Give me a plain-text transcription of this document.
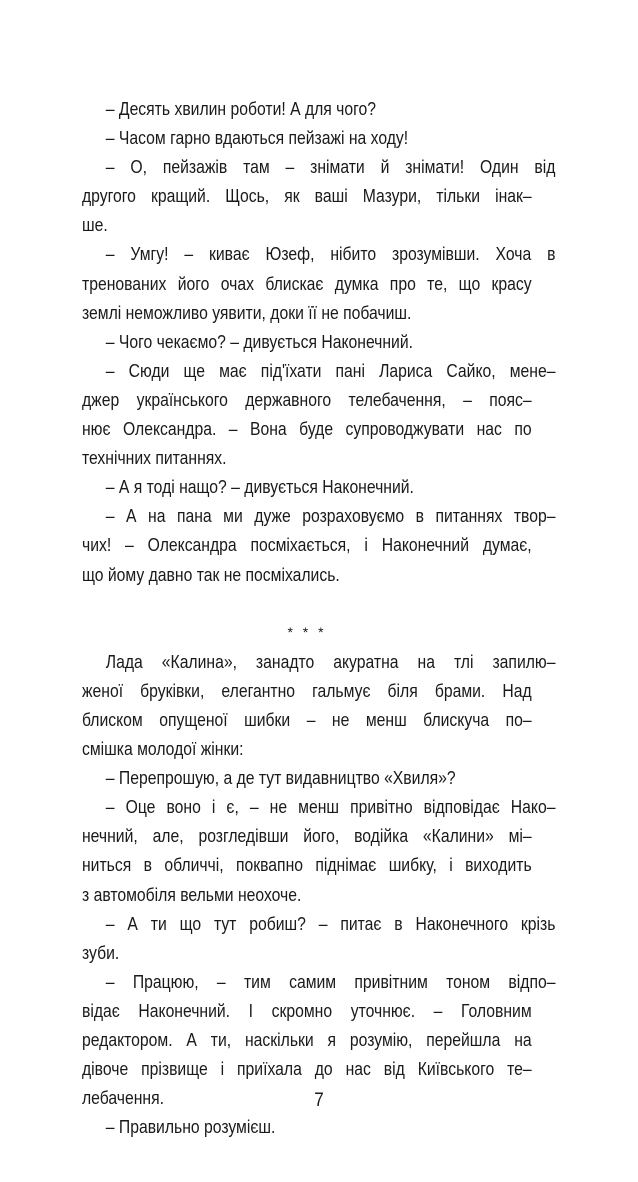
– Десять хвилин роботи! А для чого?
– Часом гарно вдаються пейзажі на ходу!
– О, пейзажів там – знімати й знімати! Один від
другого кращий. Щось, як ваші Мазури, тільки інак–
ше.
– Умгу! – киває Юзеф, нібито зрозумівши. Хоча в
тренованих його очах блискає думка про те, що красу
землі неможливо уявити, доки її не побачиш.
– Чого чекаємо? – дивується Наконечний.
– Сюди ще має під'їхати пані Лариса Сайко, мене–
джер українського державного телебачення, – пояс–
нює Олександра. – Вона буде супроводжувати нас по
технічних питаннях.
– А я тоді нащо? – дивується Наконечний.
– А на пана ми дуже розраховуємо в питаннях твор–
чих! – Олександра посміхається, і Наконечний думає,
що йому давно так не посміхались.
* * *
Лада «Калина», занадто акуратна на тлі запилю–
женої бруківки, елегантно гальмує біля брами. Над
блиском опущеної шибки – не менш блискуча по–
смішка молодої жінки:
– Перепрошую, а де тут видавництво «Хвиля»?
– Оце воно і є, – не менш привітно відповідає Нако–
нечний, але, розгледівши його, водійка «Калини» мі–
ниться в обличчі, поквапно піднімає шибку, і виходить
з автомобіля вельми неохоче.
– А ти що тут робиш? – питає в Наконечного крізь
зуби.
– Працюю, – тим самим привітним тоном відпо–
відає Наконечний. І скромно уточнює. – Головним
редактором. А ти, наскільки я розумію, перейшла на
дівоче прізвище і приїхала до нас від Київського те–
лебачення.
– Правильно розумієш.
7
